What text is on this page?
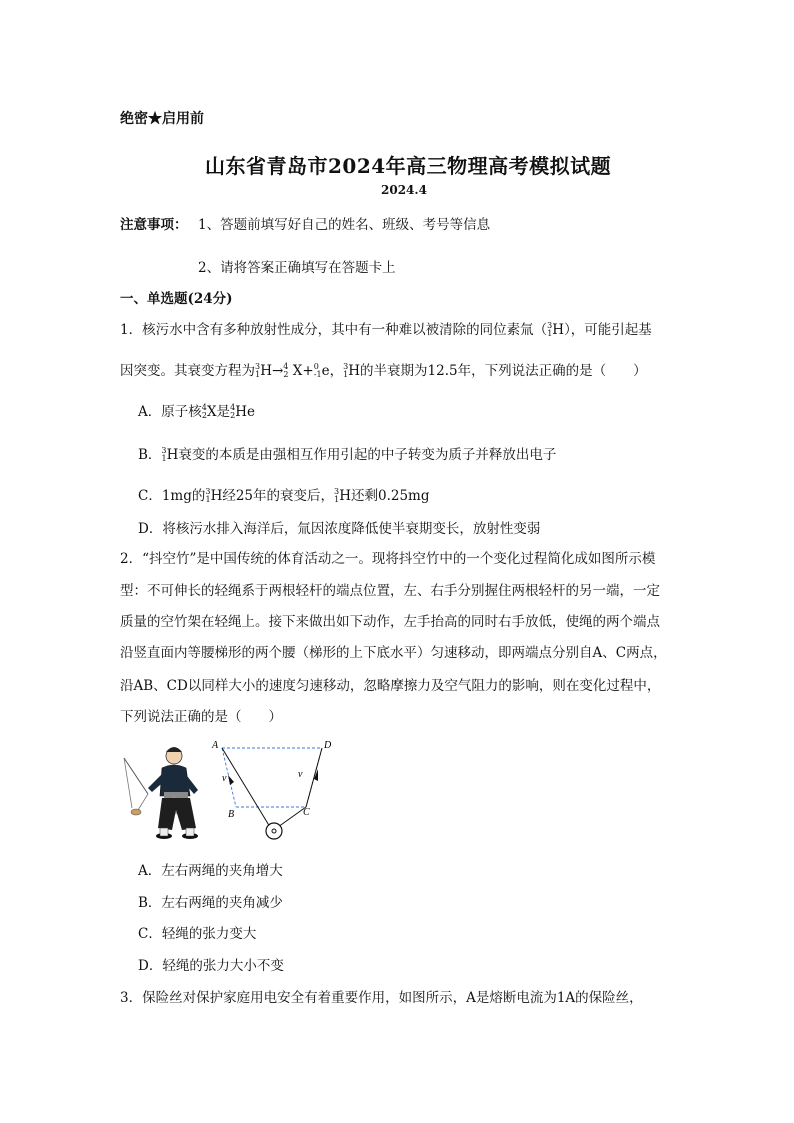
绝密★启用前
山东省青岛市2024年高三物理高考模拟试题
2024.4
注意事项： 1、答题前填写好自己的姓名、班级、考号等信息
2、请将答案正确填写在答题卡上
一、单选题(24分)
1．核污水中含有多种放射性成分，其中有一种难以被清除的同位素氚（$^3_1$H），可能引起基
因突变。其衰变方程为$^3_1$H→$^4_2$ X+$^0_{-1}$e，$^3_1$H的半衰期为12.5年，下列说法正确的是（　　）
A．原子核$^4_2$X是$^4_2$He
B．$^3_1$H衰变的本质是由强相互作用引起的中子转变为质子并释放出电子
C．1mg的$^3_1$H经25年的衰变后，$^3_1$H还剩0.25mg
D．将核污水排入海洋后，氚因浓度降低使半衰期变长，放射性变弱
2．“抖空竹”是中国传统的体育活动之一。现将抖空竹中的一个变化过程简化成如图所示模
型：不可伸长的轻绳系于两根轻杆的端点位置，左、右手分别握住两根轻杆的另一端，一定
质量的空竹架在轻绳上。接下来做出如下动作，左手抬高的同时右手放低，使绳的两个端点
沿竖直面内等腰梯形的两个腰（梯形的上下底水平）匀速移动，即两端点分别自A、C两点，
沿AB、CD以同样大小的速度匀速移动，忽略摩擦力及空气阻力的影响，则在变化过程中，
下列说法正确的是（　　）
A	D
B	C
v	v
A．左右两绳的夹角增大
B．左右两绳的夹角减少
C．轻绳的张力变大
D．轻绳的张力大小不变
3．保险丝对保护家庭用电安全有着重要作用，如图所示，A是熔断电流为1A的保险丝，
